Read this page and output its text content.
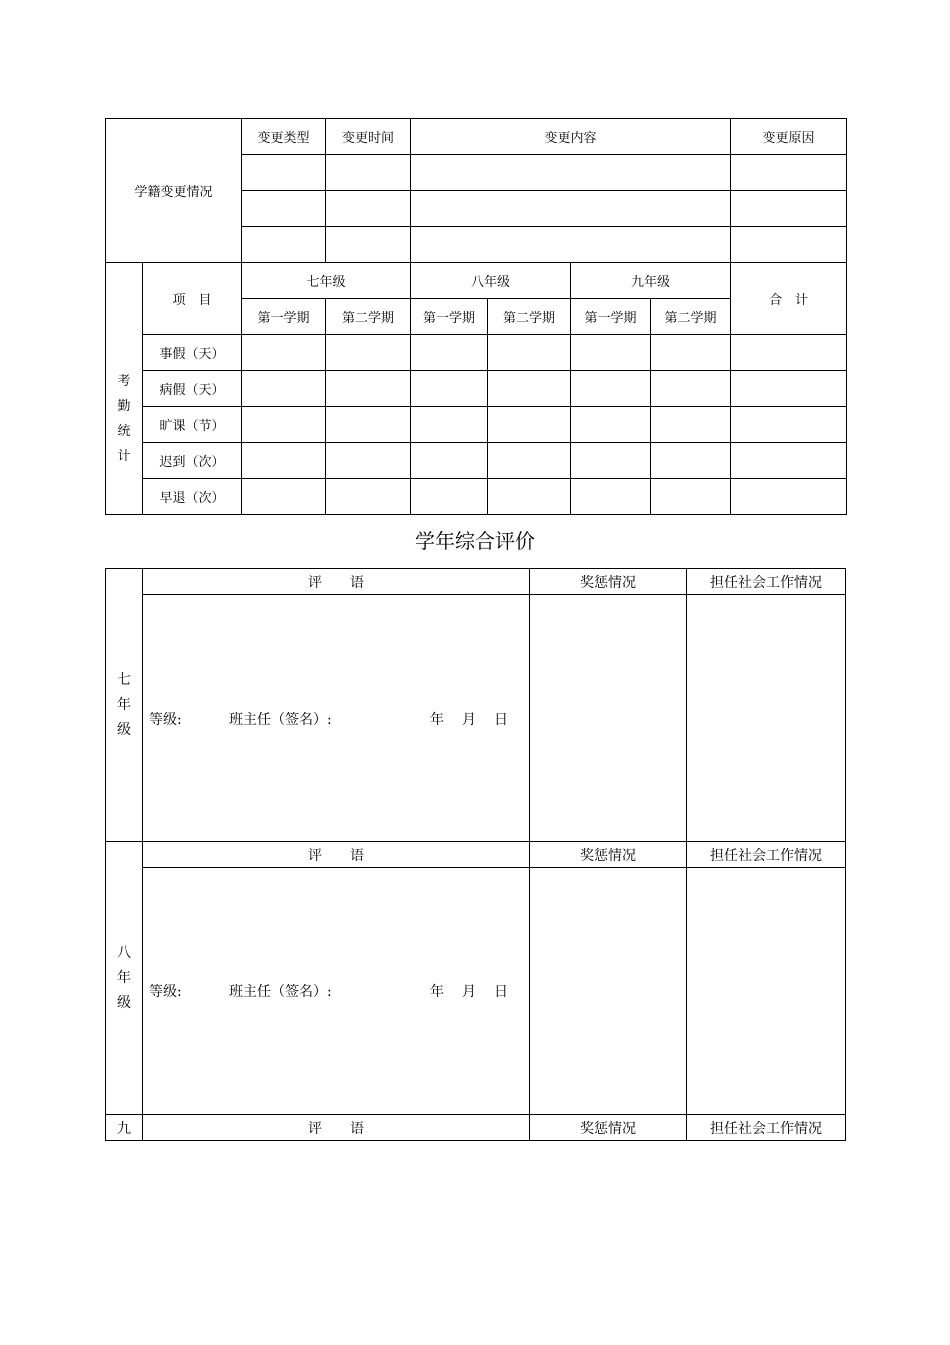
学籍变更情况		变更类型	变更时间	变更内容				变更原因

考
勤
统
计	项　目	七年级		八年级		九年级		合　计
		第一学期	第二学期	第一学期	第二学期	第一学期	第二学期	
	事假（天）							
	病假（天）							
	旷课（节）							
	迟到（次）							
	早退（次）							
学年综合评价
七
年
级	评　　语	奖惩情况	担任社会工作情况

	等级: 班主任（签名）: 年 月 日		

八
年
级	评　　语	奖惩情况	担任社会工作情况

	等级: 班主任（签名）: 年 月 日		

九	评　　语	奖惩情况	担任社会工作情况
